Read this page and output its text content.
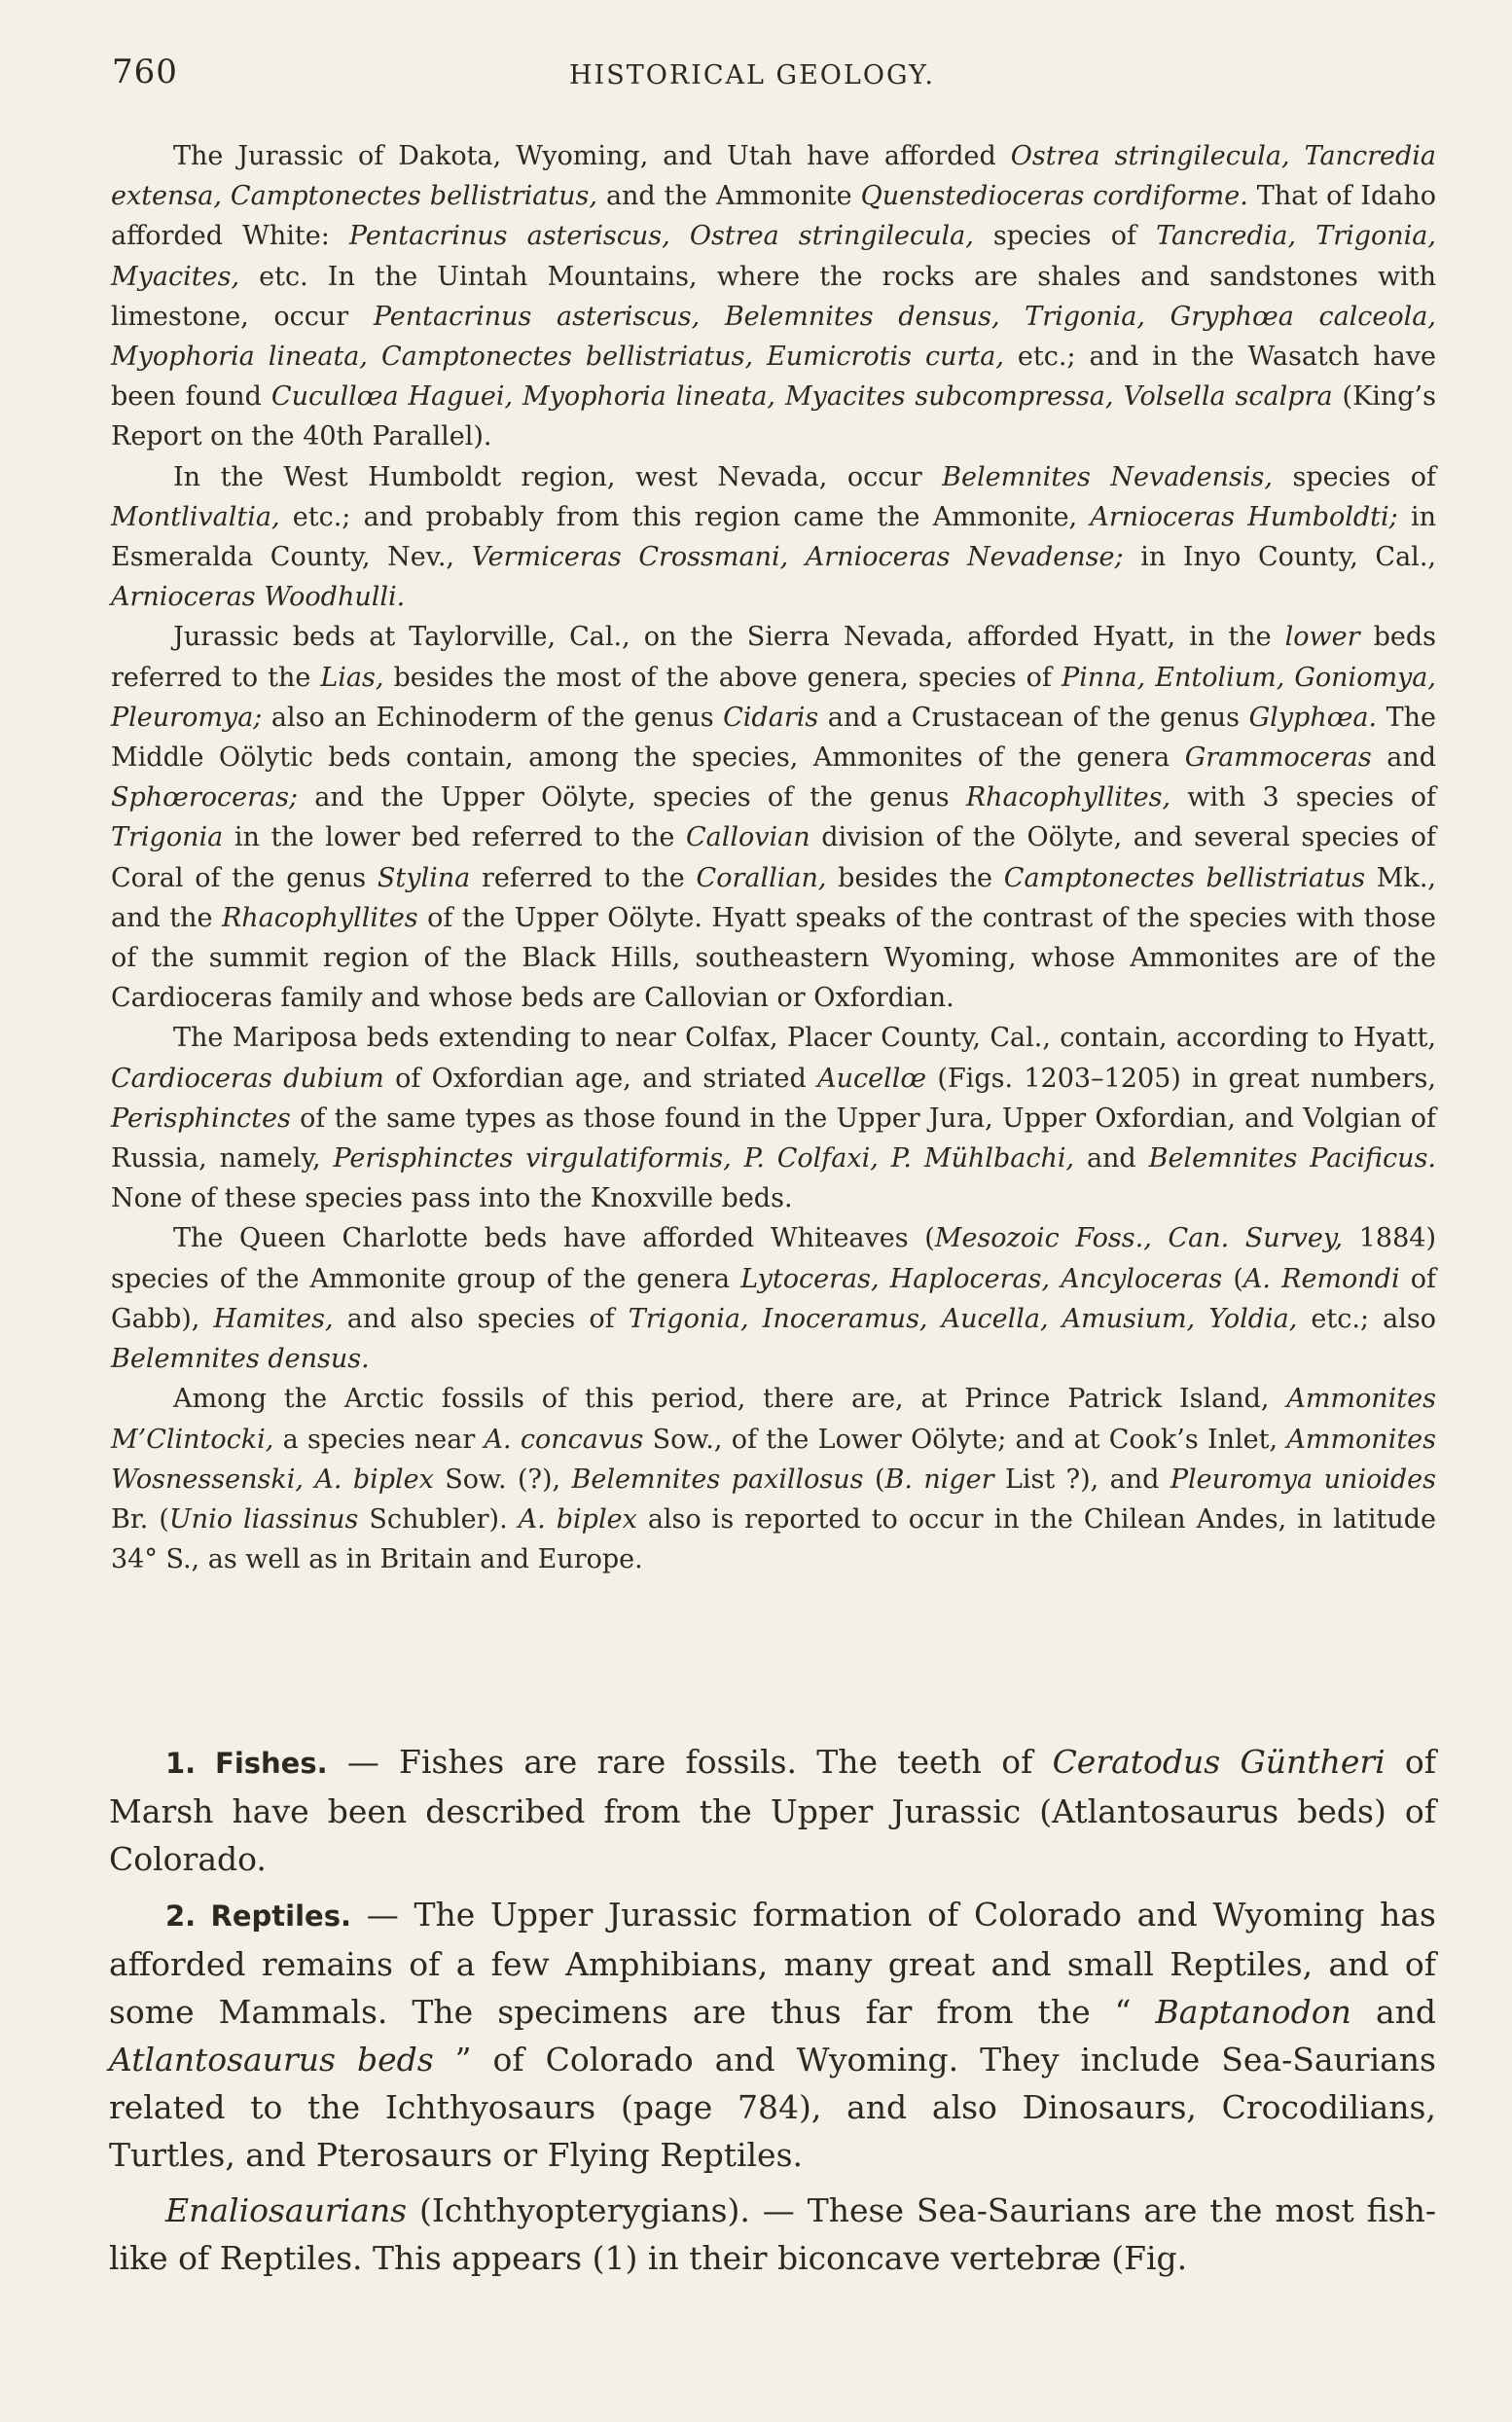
760	HISTORICAL GEOLOGY.

The Jurassic of Dakota, Wyoming, and Utah have afforded Ostrea stringilecula, Tancredia extensa, Camptonectes bellistriatus, and the Ammonite Quenstedioceras cordiforme. That of Idaho afforded White: Pentacrinus asteriscus, Ostrea stringilecula, species of Tancredia, Trigonia, Myacites, etc. In the Uintah Mountains, where the rocks are shales and sandstones with limestone, occur Pentacrinus asteriscus, Belemnites densus, Trigonia, Gryphœa calceola, Myophoria lineata, Camptonectes bellistriatus, Eumicrotis curta, etc.; and in the Wasatch have been found Cucullœa Haguei, Myophoria lineata, Myacites subcompressa, Volsella scalpra (King’s Report on the 40th Parallel).

In the West Humboldt region, west Nevada, occur Belemnites Nevadensis, species of Montlivaltia, etc.; and probably from this region came the Ammonite, Arnioceras Humboldti; in Esmeralda County, Nev., Vermiceras Crossmani, Arnioceras Nevadense; in Inyo County, Cal., Arnioceras Woodhulli.

Jurassic beds at Taylorville, Cal., on the Sierra Nevada, afforded Hyatt, in the lower beds referred to the Lias, besides the most of the above genera, species of Pinna, Entolium, Goniomya, Pleuromya; also an Echinoderm of the genus Cidaris and a Crustacean of the genus Glyphœa. The Middle Oölytic beds contain, among the species, Ammonites of the genera Grammoceras and Sphœroceras; and the Upper Oölyte, species of the genus Rhacophyllites, with 3 species of Trigonia in the lower bed referred to the Callovian division of the Oölyte, and several species of Coral of the genus Stylina referred to the Corallian, besides the Camptonectes bellistriatus Mk., and the Rhacophyllites of the Upper Oölyte. Hyatt speaks of the contrast of the species with those of the summit region of the Black Hills, southeastern Wyoming, whose Ammonites are of the Cardioceras family and whose beds are Callovian or Oxfordian.

The Mariposa beds extending to near Colfax, Placer County, Cal., contain, according to Hyatt, Cardioceras dubium of Oxfordian age, and striated Aucellœ (Figs. 1203–1205) in great numbers, Perisphinctes of the same types as those found in the Upper Jura, Upper Oxfordian, and Volgian of Russia, namely, Perisphinctes virgulatiformis, P. Colfaxi, P. Mühlbachi, and Belemnites Pacificus. None of these species pass into the Knoxville beds.

The Queen Charlotte beds have afforded Whiteaves (Mesozoic Foss., Can. Survey, 1884) species of the Ammonite group of the genera Lytoceras, Haploceras, Ancyloceras (A. Remondi of Gabb), Hamites, and also species of Trigonia, Inoceramus, Aucella, Amusium, Yoldia, etc.; also Belemnites densus.

Among the Arctic fossils of this period, there are, at Prince Patrick Island, Ammonites M’Clintocki, a species near A. concavus Sow., of the Lower Oölyte; and at Cook’s Inlet, Ammonites Wosnessenski, A. biplex Sow. (?), Belemnites paxillosus (B. niger List ?), and Pleuromya unioides Br. (Unio liassinus Schubler). A. biplex also is reported to occur in the Chilean Andes, in latitude 34° S., as well as in Britain and Europe.

1. Fishes. — Fishes are rare fossils. The teeth of Ceratodus Güntheri of Marsh have been described from the Upper Jurassic (Atlantosaurus beds) of Colorado.

2. Reptiles. — The Upper Jurassic formation of Colorado and Wyoming has afforded remains of a few Amphibians, many great and small Reptiles, and of some Mammals. The specimens are thus far from the “ Baptanodon and Atlantosaurus beds ” of Colorado and Wyoming. They include Sea-Saurians related to the Ichthyosaurs (page 784), and also Dinosaurs, Crocodilians, Turtles, and Pterosaurs or Flying Reptiles.

Enaliosaurians (Ichthyopterygians). — These Sea-Saurians are the most fish-like of Reptiles. This appears (1) in their biconcave vertebræ (Fig.
